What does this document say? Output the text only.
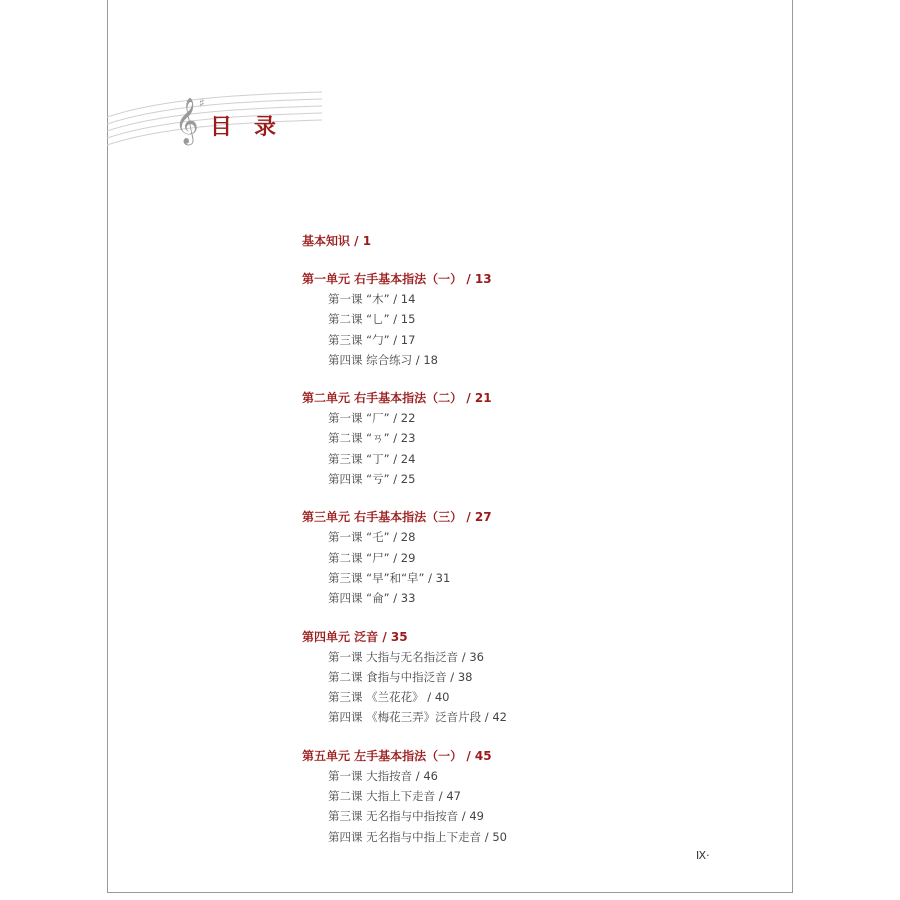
𝄞 ♯
目录
基本知识 / 1
第一单元 右手基本指法（一） / 13
第一课 “木” / 14
第二课 “乚” / 15
第三课 “勹” / 17
第四课 综合练习 / 18
第二单元 右手基本指法（二） / 21
第一课 “厂” / 22
第二课 “ㄢ” / 23
第三课 “丁” / 24
第四课 “亏” / 25
第三单元 右手基本指法（三） / 27
第一课 “乇” / 28
第二课 “尸” / 29
第三课 “早”和“皁” / 31
第四课 “侖” / 33
第四单元 泛音 / 35
第一课 大指与无名指泛音 / 36
第二课 食指与中指泛音 / 38
第三课 《兰花花》 / 40
第四课 《梅花三弄》泛音片段 / 42
第五单元 左手基本指法（一） / 45
第一课 大指按音 / 46
第二课 大指上下走音 / 47
第三课 无名指与中指按音 / 49
第四课 无名指与中指上下走音 / 50
Ⅸ·
